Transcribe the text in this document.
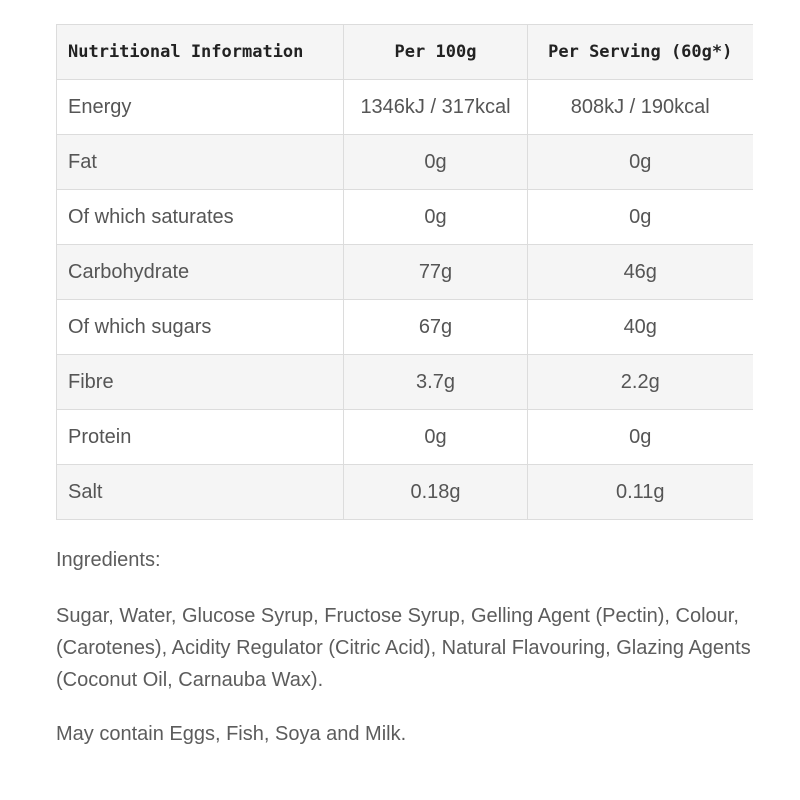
Nutritional Information	Per 100g	Per Serving (60g*)
Energy	1346kJ / 317kcal	808kJ / 190kcal
Fat	0g	0g
Of which saturates	0g	0g
Carbohydrate	77g	46g
Of which sugars	67g	40g
Fibre	3.7g	2.2g
Protein	0g	0g
Salt	0.18g	0.11g

Ingredients:

Sugar, Water, Glucose Syrup, Fructose Syrup, Gelling Agent (Pectin), Colour, (Carotenes), Acidity Regulator (Citric Acid), Natural Flavouring, Glazing Agents (Coconut Oil, Carnauba Wax).

May contain Eggs, Fish, Soya and Milk.
